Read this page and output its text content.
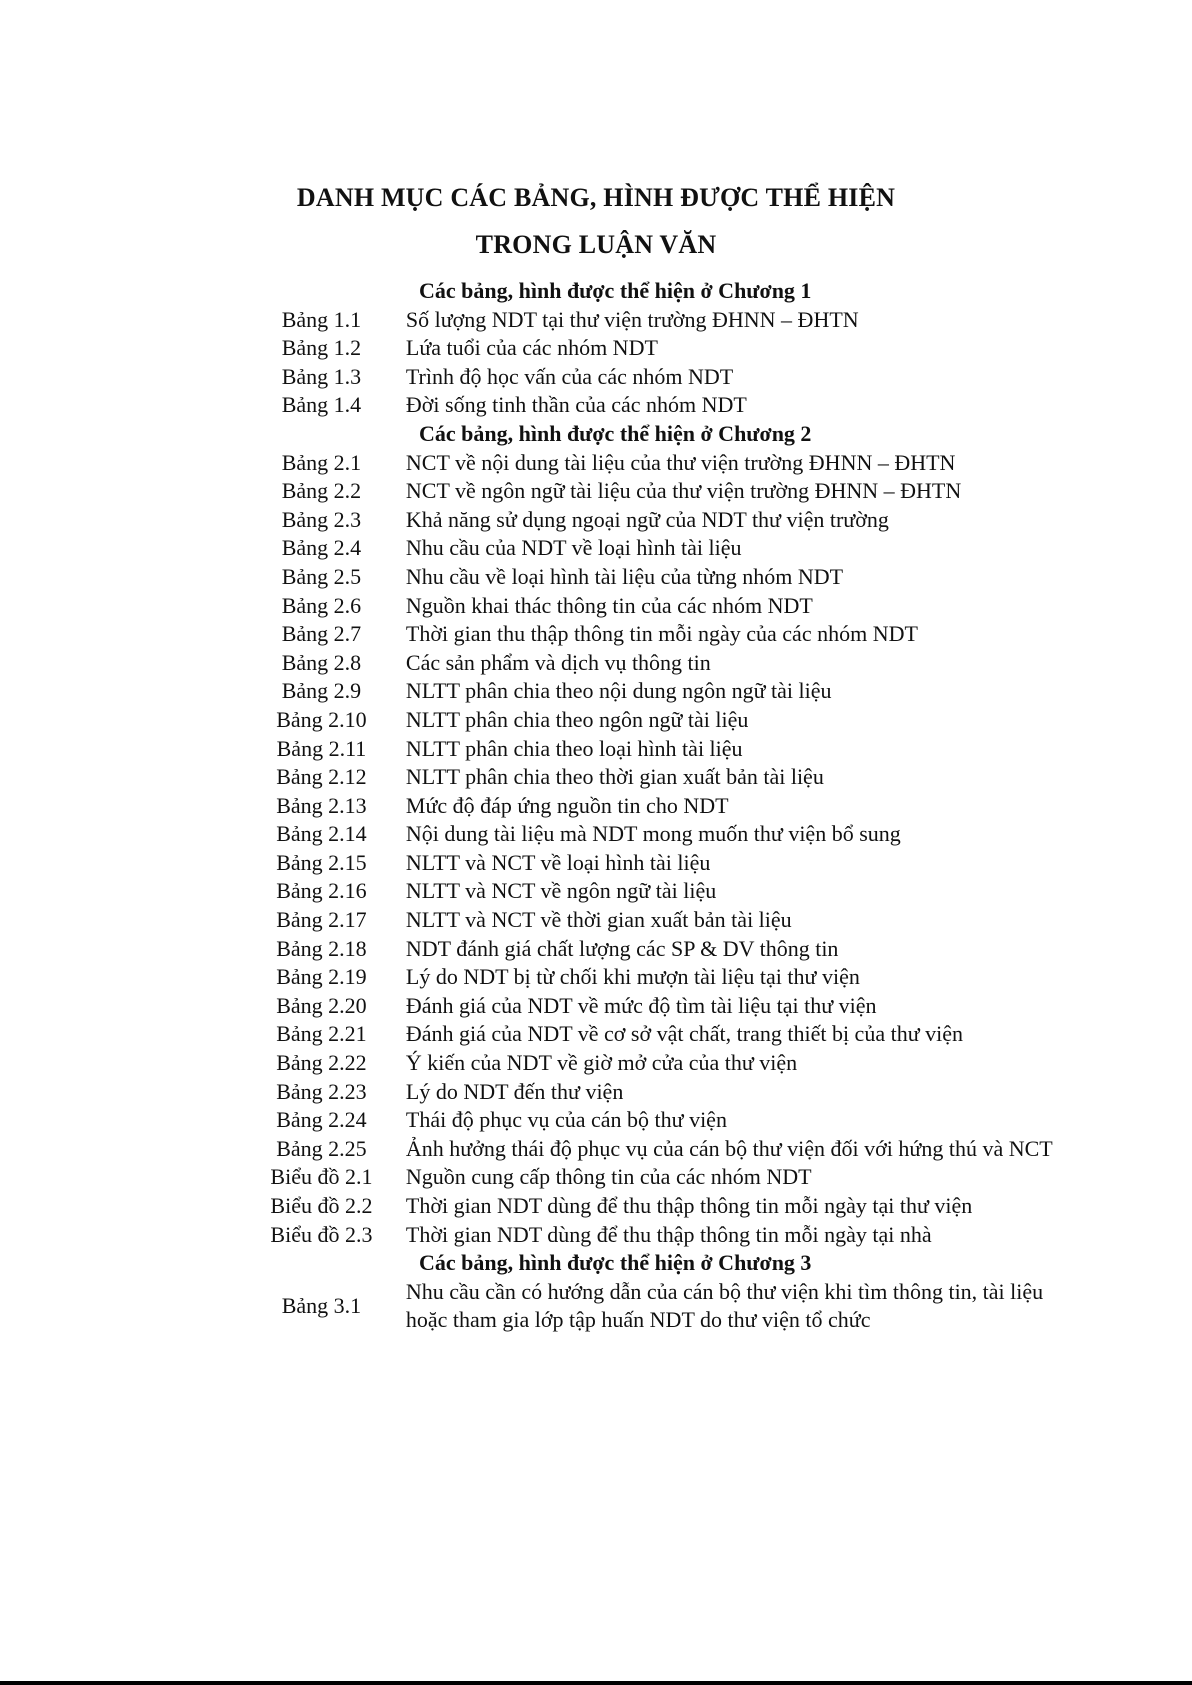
DANH MỤC CÁC BẢNG, HÌNH ĐƯỢC THỂ HIỆN
TRONG LUẬN VĂN
Các bảng, hình được thể hiện ở Chương 1	
Bảng 1.1	Số lượng NDT tại thư viện trường ĐHNN – ĐHTN
Bảng 1.2	Lứa tuổi của các nhóm NDT
Bảng 1.3	Trình độ học vấn của các nhóm NDT
Bảng 1.4	Đời sống tinh thần của các nhóm NDT
Các bảng, hình được thể hiện ở Chương 2	
Bảng 2.1	NCT về nội dung tài liệu của thư viện trường ĐHNN – ĐHTN
Bảng 2.2	NCT về ngôn ngữ tài liệu của thư viện trường ĐHNN – ĐHTN
Bảng 2.3	Khả năng sử dụng ngoại ngữ của NDT thư viện trường
Bảng 2.4	Nhu cầu của NDT về loại hình tài liệu
Bảng 2.5	Nhu cầu về loại hình tài liệu của từng nhóm NDT
Bảng 2.6	Nguồn khai thác thông tin của các nhóm NDT
Bảng 2.7	Thời gian thu thập thông tin mỗi ngày của các nhóm NDT
Bảng 2.8	Các sản phẩm và dịch vụ thông tin
Bảng 2.9	NLTT phân chia theo nội dung ngôn ngữ tài liệu
Bảng 2.10	NLTT phân chia theo ngôn ngữ tài liệu
Bảng 2.11	NLTT phân chia theo loại hình tài liệu
Bảng 2.12	NLTT phân chia theo thời gian xuất bản tài liệu
Bảng 2.13	Mức độ đáp ứng nguồn tin cho NDT
Bảng 2.14	Nội dung tài liệu mà NDT mong muốn thư viện bổ sung
Bảng 2.15	NLTT và NCT về loại hình tài liệu
Bảng 2.16	NLTT và NCT về ngôn ngữ tài liệu
Bảng 2.17	NLTT và NCT về thời gian xuất bản tài liệu
Bảng 2.18	NDT đánh giá chất lượng các SP & DV thông tin
Bảng 2.19	Lý do NDT bị từ chối khi mượn tài liệu tại thư viện
Bảng 2.20	Đánh giá của NDT về mức độ tìm tài liệu tại thư viện
Bảng 2.21	Đánh giá của NDT về cơ sở vật chất, trang thiết bị của thư viện
Bảng 2.22	Ý kiến của NDT về giờ mở cửa của thư viện
Bảng 2.23	Lý do NDT đến thư viện
Bảng 2.24	Thái độ phục vụ của cán bộ thư viện
Bảng 2.25	Ảnh hưởng thái độ phục vụ của cán bộ thư viện đối với hứng thú và NCT
Biểu đồ 2.1	Nguồn cung cấp thông tin của các nhóm NDT
Biểu đồ 2.2	Thời gian NDT dùng để thu thập thông tin mỗi ngày tại thư viện
Biểu đồ 2.3	Thời gian NDT dùng để thu thập thông tin mỗi ngày tại nhà
Các bảng, hình được thể hiện ở Chương 3	
Bảng 3.1	Nhu cầu cần có hướng dẫn của cán bộ thư viện khi tìm thông tin, tài liệu hoặc tham gia lớp tập huấn NDT do thư viện tổ chức
